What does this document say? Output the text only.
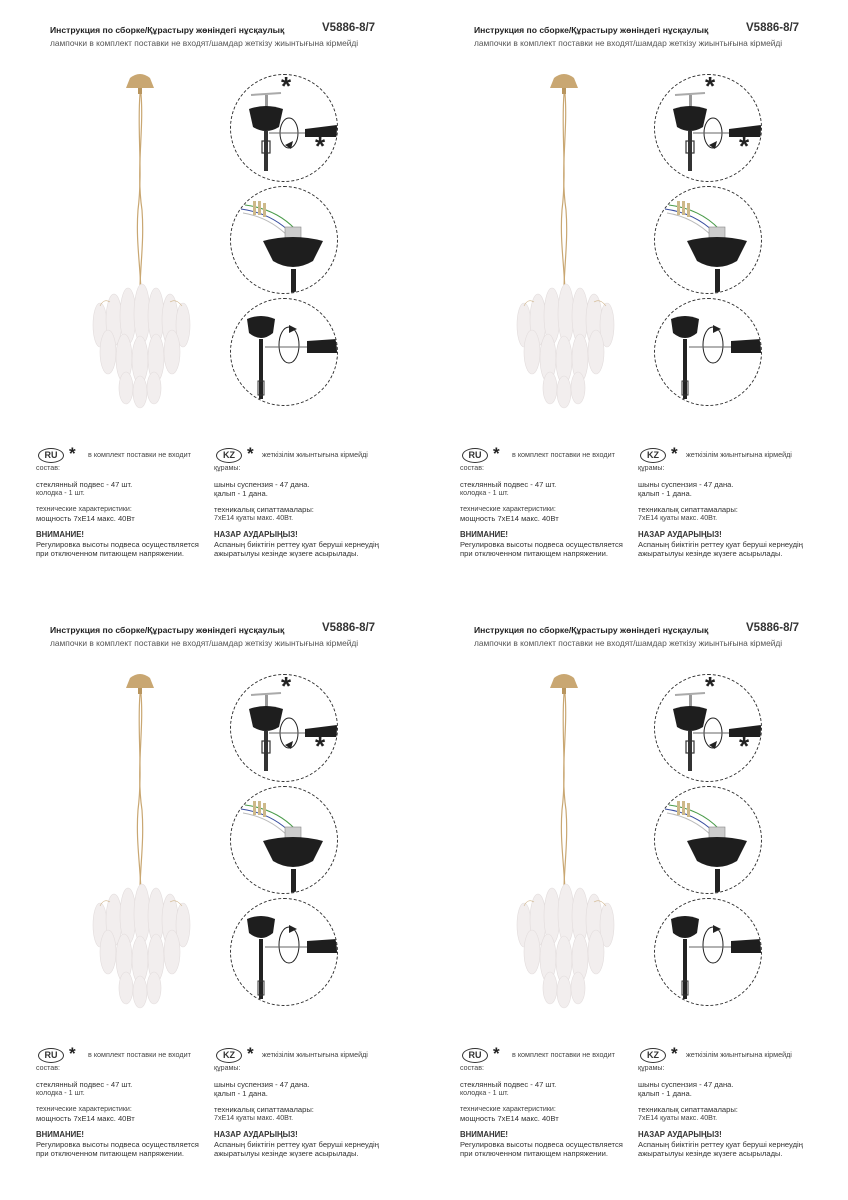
Инструкция по сборке/Құрастыру жөніндегі нұсқаулық	V5886-8/7
лампочки в комплект поставки не входят/шамдар жеткізу жиынтығына кірмейді
*
*
RU * в комплект поставки не входит
состав:
стеклянный подвес - 47 шт.
колодка - 1 шт.
технические характеристики:
мощность 7хЕ14 макс. 40Вт
ВНИМАНИЕ!
Регулировка высоты подвеса осуществляется
при отключенном питающем напряжении.
KZ * жеткізілім жиынтығына кірмейді
құрамы:
шыны суспензия - 47 дана.
қалып - 1 дана.
техникалық сипаттамалары:
7хЕ14 қуаты макс. 40Вт.
НАЗАР АУДАРЫҢЫЗ!
Аспаның биіктігін реттеу қуат беруші кернеудің
ажыратылуы кезінде жүзеге асырылады.
Инструкция по сборке/Құрастыру жөніндегі нұсқаулық	V5886-8/7
лампочки в комплект поставки не входят/шамдар жеткізу жиынтығына кірмейді
*
*
RU * в комплект поставки не входит
состав:
стеклянный подвес - 47 шт.
колодка - 1 шт.
технические характеристики:
мощность 7хЕ14 макс. 40Вт
ВНИМАНИЕ!
Регулировка высоты подвеса осуществляется
при отключенном питающем напряжении.
KZ * жеткізілім жиынтығына кірмейді
құрамы:
шыны суспензия - 47 дана.
қалып - 1 дана.
техникалық сипаттамалары:
7хЕ14 қуаты макс. 40Вт.
НАЗАР АУДАРЫҢЫЗ!
Аспаның биіктігін реттеу қуат беруші кернеудің
ажыратылуы кезінде жүзеге асырылады.
Инструкция по сборке/Құрастыру жөніндегі нұсқаулық	V5886-8/7
лампочки в комплект поставки не входят/шамдар жеткізу жиынтығына кірмейді
*
*
RU * в комплект поставки не входит
состав:
стеклянный подвес - 47 шт.
колодка - 1 шт.
технические характеристики:
мощность 7хЕ14 макс. 40Вт
ВНИМАНИЕ!
Регулировка высоты подвеса осуществляется
при отключенном питающем напряжении.
KZ * жеткізілім жиынтығына кірмейді
құрамы:
шыны суспензия - 47 дана.
қалып - 1 дана.
техникалық сипаттамалары:
7хЕ14 қуаты макс. 40Вт.
НАЗАР АУДАРЫҢЫЗ!
Аспаның биіктігін реттеу қуат беруші кернеудің
ажыратылуы кезінде жүзеге асырылады.
Инструкция по сборке/Құрастыру жөніндегі нұсқаулық	V5886-8/7
лампочки в комплект поставки не входят/шамдар жеткізу жиынтығына кірмейді
*
*
RU * в комплект поставки не входит
состав:
стеклянный подвес - 47 шт.
колодка - 1 шт.
технические характеристики:
мощность 7хЕ14 макс. 40Вт
ВНИМАНИЕ!
Регулировка высоты подвеса осуществляется
при отключенном питающем напряжении.
KZ * жеткізілім жиынтығына кірмейді
құрамы:
шыны суспензия - 47 дана.
қалып - 1 дана.
техникалық сипаттамалары:
7хЕ14 қуаты макс. 40Вт.
НАЗАР АУДАРЫҢЫЗ!
Аспаның биіктігін реттеу қуат беруші кернеудің
ажыратылуы кезінде жүзеге асырылады.
